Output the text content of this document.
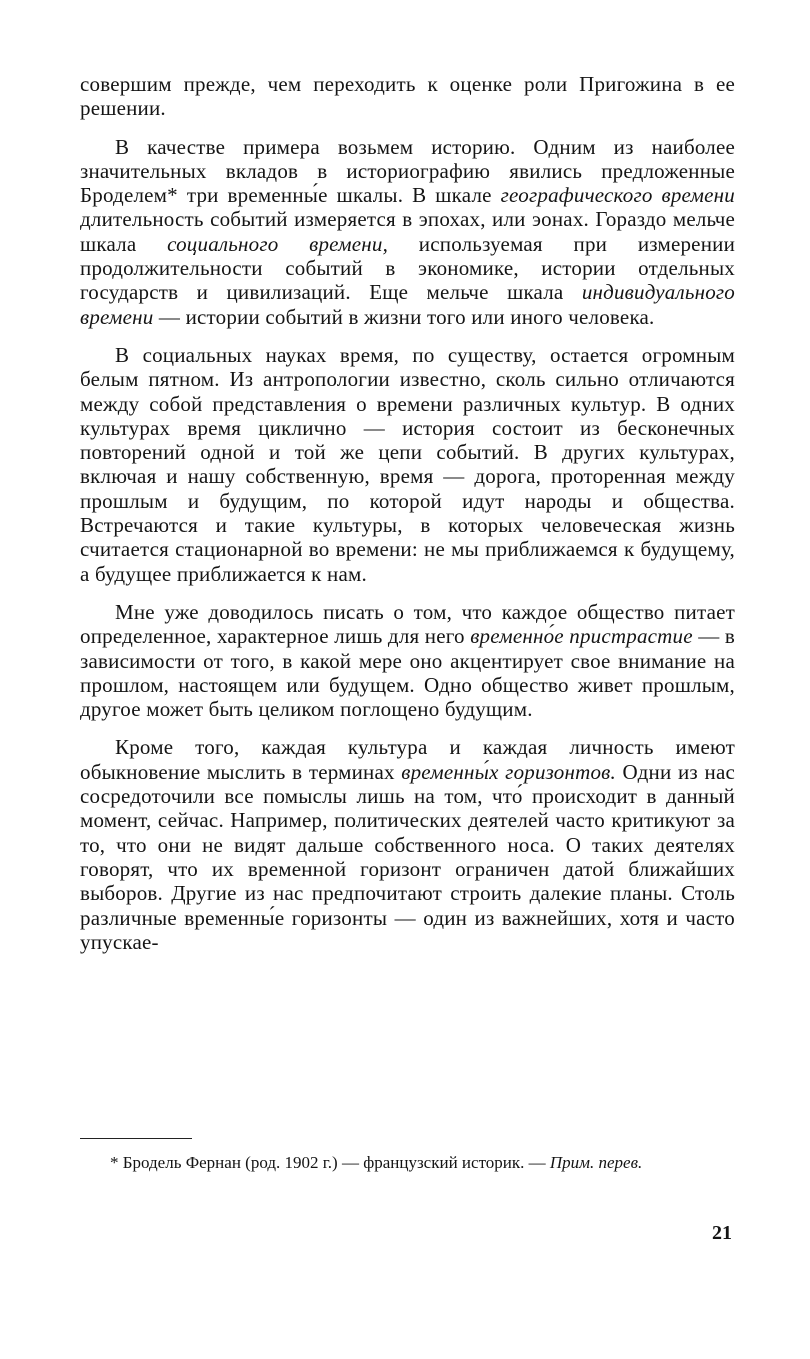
совершим прежде, чем переходить к оценке роли Пригожина в ее решении.

В качестве примера возьмем историю. Одним из наиболее значительных вкладов в историографию явились предложенные Броделем* три временны́е шкалы. В шкале географического времени длительность событий измеряется в эпохах, или эонах. Гораздо мельче шкала социального времени, используемая при измерении продолжительности событий в экономике, истории отдельных государств и цивилизаций. Еще мельче шкала индивидуального времени — истории событий в жизни того или иного человека.

В социальных науках время, по существу, остается огромным белым пятном. Из антропологии известно, сколь сильно отличаются между собой представления о времени различных культур. В одних культурах время циклично — история состоит из бесконечных повторений одной и той же цепи событий. В других культурах, включая и нашу собственную, время — дорога, проторенная между прошлым и будущим, по которой идут народы и общества. Встречаются и такие культуры, в которых человеческая жизнь считается стационарной во времени: не мы приближаемся к будущему, а будущее приближается к нам.

Мне уже доводилось писать о том, что каждое общество питает определенное, характерное лишь для него временно́е пристрастие — в зависимости от того, в какой мере оно акцентирует свое внимание на прошлом, настоящем или будущем. Одно общество живет прошлым, другое может быть целиком поглощено будущим.

Кроме того, каждая культура и каждая личность имеют обыкновение мыслить в терминах временны́х горизонтов. Одни из нас сосредоточили все помыслы лишь на том, что́ происходит в данный момент, сейчас. Например, политических деятелей часто критикуют за то, что они не видят дальше собственного носа. О таких деятелях говорят, что их временной горизонт ограничен датой ближайших выборов. Другие из нас предпочитают строить далекие планы. Столь различные временны́е горизонты — один из важнейших, хотя и часто упускае-

* Бродель Фернан (род. 1902 г.) — французский историк. — Прим. перев.

21
